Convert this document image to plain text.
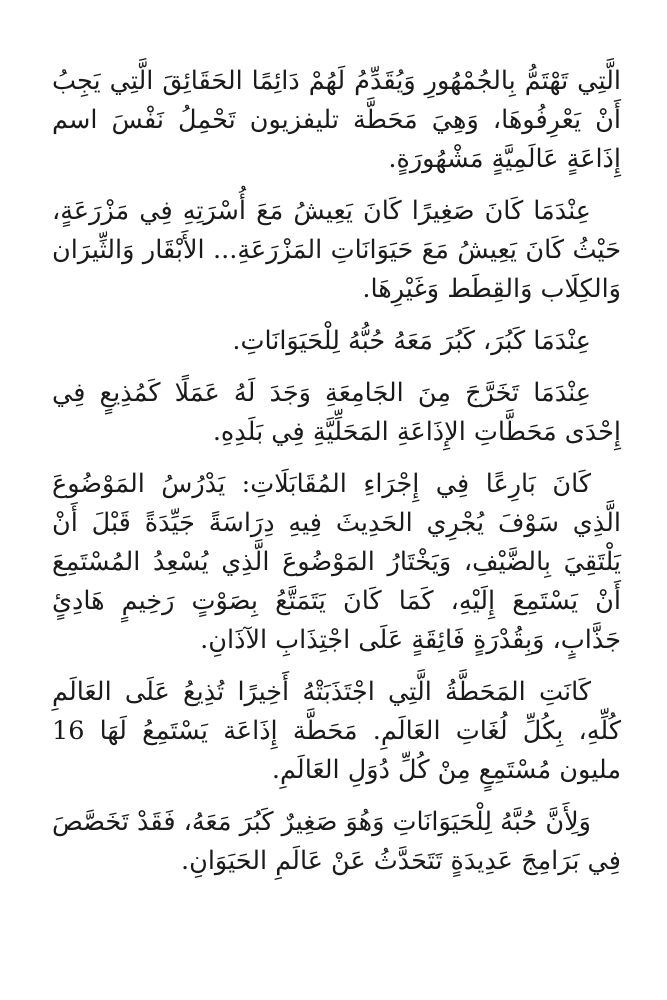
الَّتِي تَهْتَمُّ بِالجُمْهُورِ وَيُقَدِّمُ لَهُمْ دَائِمًا الحَقَائِقَ الَّتِي يَجِبُ أَنْ يَعْرِفُوهَا، وَهِيَ مَحَطَّة تليفزيون تَحْمِلُ نَفْسَ اسم إِذَاعَةٍ عَالَمِيَّةٍ مَشْهُورَةٍ.

عِنْدَمَا كَانَ صَغِيرًا كَانَ يَعِيشُ مَعَ أُسْرَتِهِ فِي مَزْرَعَةٍ، حَيْثُ كَانَ يَعِيشُ مَعَ حَيَوَانَاتِ المَزْرَعَةِ... الأَبْقَار وَالثِّيرَان وَالكِلَاب وَالقِطَط وَغَيْرِهَا.

عِنْدَمَا كَبُرَ، كَبُرَ مَعَهُ حُبُّهُ لِلْحَيَوَانَاتِ.

عِنْدَمَا تَخَرَّجَ مِنَ الجَامِعَةِ وَجَدَ لَهُ عَمَلًا كَمُذِيعٍ فِي إِحْدَى مَحَطَّاتِ الإِذَاعَةِ المَحَلِّيَّةِ فِي بَلَدِهِ.

كَانَ بَارِعًا فِي إِجْرَاءِ المُقَابَلَاتِ: يَدْرُسُ المَوْضُوعَ الَّذِي سَوْفَ يُجْرِي الحَدِيثَ فِيهِ دِرَاسَةً جَيِّدَةً قَبْلَ أَنْ يَلْتَقِيَ بِالضَّيْفِ، وَيَخْتَارُ المَوْضُوعَ الَّذِي يُسْعِدُ المُسْتَمِعَ أَنْ يَسْتَمِعَ إِلَيْهِ، كَمَا كَانَ يَتَمَتَّعُ بِصَوْتٍ رَخِيمٍ هَادِئٍ جَذَّابٍ، وَبِقُدْرَةٍ فَائِقَةٍ عَلَى اجْتِذَابِ الآذَانِ.

كَانَتِ المَحَطَّةُ الَّتِي اجْتَذَبَتْهُ أَخِيرًا تُذِيعُ عَلَى العَالَمِ كُلِّهِ، بِكُلِّ لُغَاتِ العَالَمِ. مَحَطَّة إِذَاعَة يَسْتَمِعُ لَهَا 16 مليون مُسْتَمِعٍ مِنْ كُلِّ دُوَلِ العَالَمِ.

وَلِأَنَّ حُبَّهُ لِلْحَيَوَانَاتِ وَهُوَ صَغِيرٌ كَبُرَ مَعَهُ، فَقَدْ تَخَصَّصَ فِي بَرَامِجَ عَدِيدَةٍ تَتَحَدَّثُ عَنْ عَالَمِ الحَيَوَانِ.
